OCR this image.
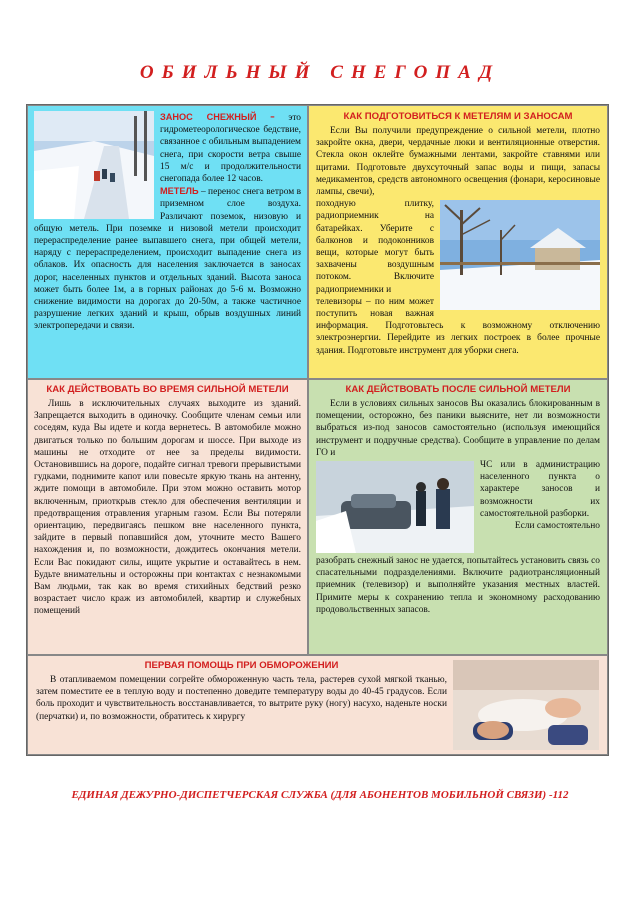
ОБИЛЬНЫЙ СНЕГОПАД
ЗАНОС СНЕЖНЫЙ - это гидрометеорологическое бедствие, связанное с обильным выпадением снега, при скорости ветра свыше 15 м/с и продолжительности снегопада более 12 часов.
МЕТЕЛЬ – перенос снега ветром в приземном слое воздуха. Различают поземок, низовую и общую метель. При поземке и низовой метели происходит перераспределение ранее выпавшего снега, при общей метели, наряду с перераспределением, происходит выпадение снега из облаков. Их опасность для населения заключается в заносах дорог, населенных пунктов и отдельных зданий. Высота заноса может быть более 1м, а в горных районах до 5-6 м. Возможно снижение видимости на дорогах до 20-50м, а также частичное разрушение легких зданий и крыш, обрыв воздушных линий электропередачи и связи.
КАК ПОДГОТОВИТЬСЯ К МЕТЕЛЯМ И ЗАНОСАМ

Если Вы получили предупреждение о сильной метели, плотно закройте окна, двери, чердачные люки и вентиляционные отверстия. Стекла окон оклейте бумажными лентами, закройте ставнями или щитами. Подготовьте двухсуточный запас воды и пищи, запасы медикаментов, средств автономного освещения (фонари, керосиновые лампы, свечи),

походную плитку, радиоприемник на батарейках. Уберите с балконов и подоконников вещи, которые могут быть захвачены воздушным потоком. Включите радиоприемники и

телевизоры – по ним может поступить новая важная информация. Подготовьтесь к возможному отключению электроэнергии. Перейдите из легких построек в более прочные здания. Подготовьте инструмент для уборки снега.

КАК ДЕЙСТВОВАТЬ ВО ВРЕМЯ СИЛЬНОЙ МЕТЕЛИ

Лишь в исключительных случаях выходите из зданий. Запрещается выходить в одиночку. Сообщите членам семьи или соседям, куда Вы идете и когда вернетесь. В автомобиле можно двигаться только по большим дорогам и шоссе. При выходе из машины не отходите от нее за пределы видимости. Остановившись на дороге, подайте сигнал тревоги прерывистыми гудками, поднимите капот или повесьте яркую ткань на антенну, ждите помощи в автомобиле. При этом можно оставить мотор включенным, приоткрыв стекло для обеспечения вентиляции и предотвращения отравления угарным газом. Если Вы потеряли ориентацию, передвигаясь пешком вне населенного пункта, зайдите в первый попавшийся дом, уточните место Вашего нахождения и, по возможности, дождитесь окончания метели. Если Вас покидают силы, ищите укрытие и оставайтесь в нем. Будьте внимательны и осторожны при контактах с незнакомыми Вам людьми, так как во время стихийных бедствий резко возрастает число краж из автомобилей, квартир и служебных помещений

КАК ДЕЙСТВОВАТЬ ПОСЛЕ СИЛЬНОЙ МЕТЕЛИ

Если в условиях сильных заносов Вы оказались блокированным в помещении, осторожно, без паники выясните, нет ли возможности выбраться из-под заносов самостоятельно (используя имеющийся инструмент и подручные средства). Сообщите в управление по делам ГО и

ЧС или в администрацию населенного пункта о характере заносов и возможности их самостоятельной разборки.

Если самостоятельно

разобрать снежный занос не удается, попытайтесь установить связь со спасательными подразделениями. Включите радиотрансляционный приемник (телевизор) и выполняйте указания местных властей. Примите меры к сохранению тепла и экономному расходованию продовольственных запасов.

ПЕРВАЯ ПОМОЩЬ ПРИ ОБМОРОЖЕНИИ

В отапливаемом помещении согрейте обмороженную часть тела, растерев сухой мягкой тканью, затем поместите ее в теплую воду и постепенно доведите температуру воды до 40-45 градусов. Если боль проходит и чувствительность восстанавливается, то вытрите руку (ногу) насухо, наденьте носки (перчатки) и, по возможности, обратитесь к хирургу

ЕДИНАЯ ДЕЖУРНО-ДИСПЕТЧЕРСКАЯ СЛУЖБА (ДЛЯ АБОНЕНТОВ МОБИЛЬНОЙ СВЯЗИ) -112
